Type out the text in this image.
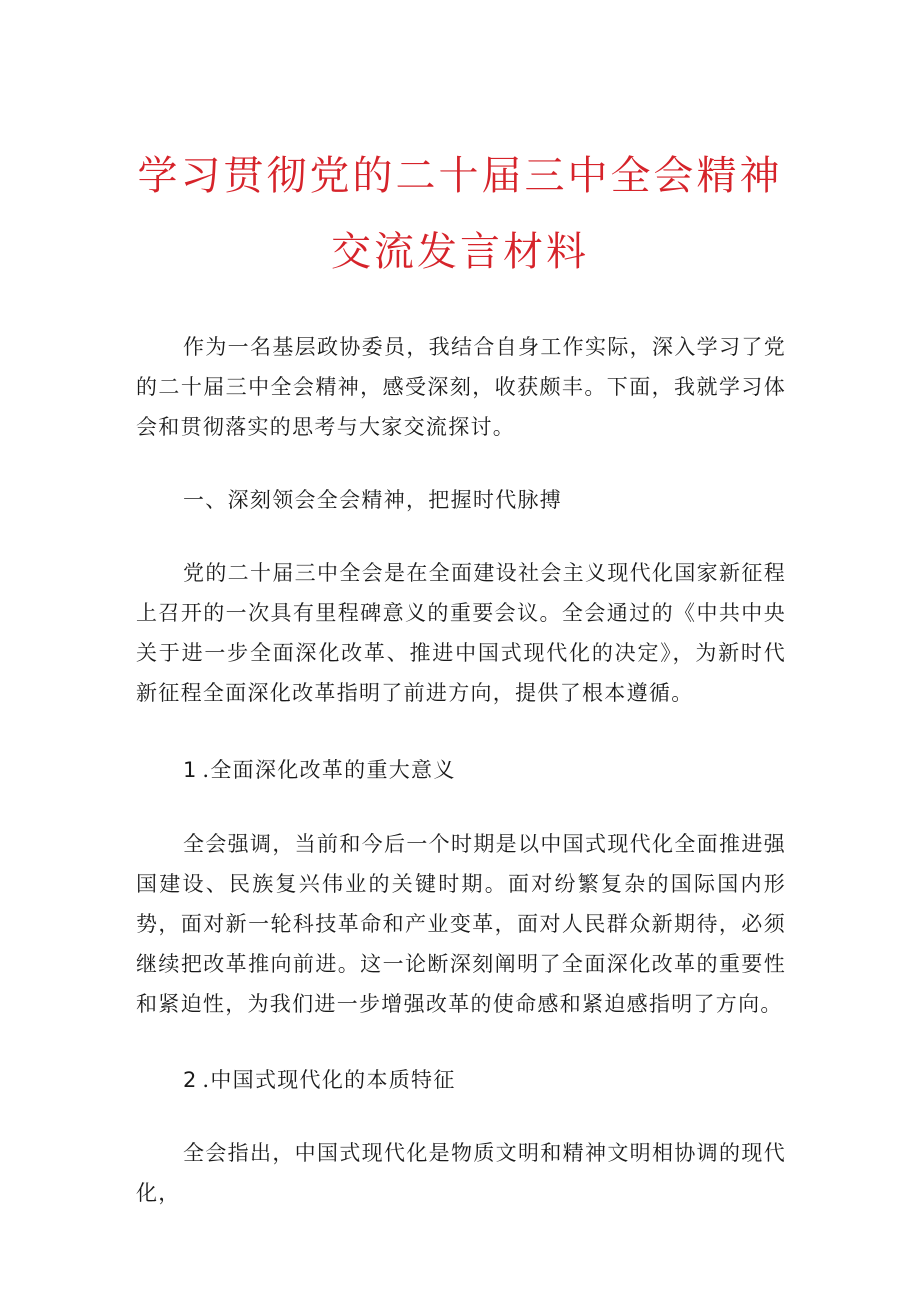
学习贯彻党的二十届三中全会精神
交流发言材料

作为一名基层政协委员，我结合自身工作实际，深入学习了党的二十届三中全会精神，感受深刻，收获颇丰。下面，我就学习体会和贯彻落实的思考与大家交流探讨。

一、深刻领会全会精神，把握时代脉搏

党的二十届三中全会是在全面建设社会主义现代化国家新征程上召开的一次具有里程碑意义的重要会议。全会通过的《中共中央关于进一步全面深化改革、推进中国式现代化的决定》，为新时代新征程全面深化改革指明了前进方向，提供了根本遵循。

1 .全面深化改革的重大意义

全会强调，当前和今后一个时期是以中国式现代化全面推进强国建设、民族复兴伟业的关键时期。面对纷繁复杂的国际国内形势，面对新一轮科技革命和产业变革，面对人民群众新期待，必须继续把改革推向前进。这一论断深刻阐明了全面深化改革的重要性和紧迫性，为我们进一步增强改革的使命感和紧迫感指明了方向。

2 .中国式现代化的本质特征

全会指出，中国式现代化是物质文明和精神文明相协调的现代化，
